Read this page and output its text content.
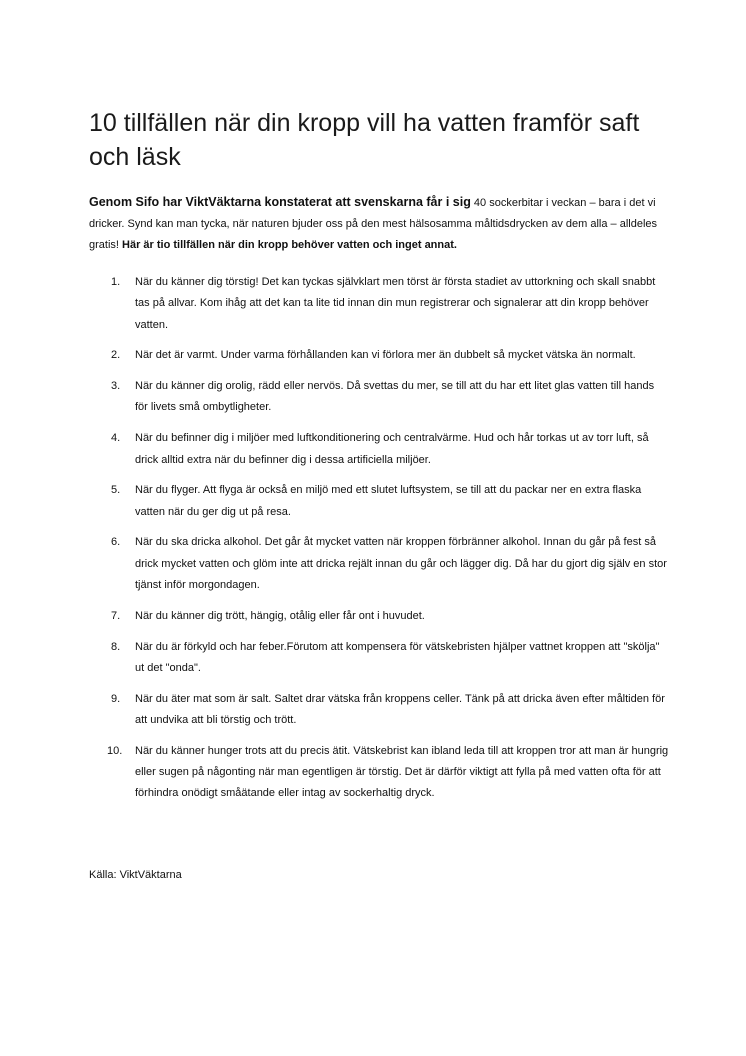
10 tillfällen när din kropp vill ha vatten framför saft och läsk

Genom Sifo har ViktVäktarna konstaterat att svenskarna får i sig 40 sockerbitar i veckan – bara i det vi dricker. Synd kan man tycka, när naturen bjuder oss på den mest hälsosamma måltidsdrycken av dem alla – alldeles gratis! Här är tio tillfällen när din kropp behöver vatten och inget annat.

1. När du känner dig törstig! Det kan tyckas självklart men törst är första stadiet av uttorkning och skall snabbt tas på allvar. Kom ihåg att det kan ta lite tid innan din mun registrerar och signalerar att din kropp behöver vatten.
2. När det är varmt. Under varma förhållanden kan vi förlora mer än dubbelt så mycket vätska än normalt.
3. När du känner dig orolig, rädd eller nervös. Då svettas du mer, se till att du har ett litet glas vatten till hands för livets små ombytligheter.
4. När du befinner dig i miljöer med luftkonditionering och centralvärme. Hud och hår torkas ut av torr luft, så drick alltid extra när du befinner dig i dessa artificiella miljöer.
5. När du flyger. Att flyga är också en miljö med ett slutet luftsystem, se till att du packar ner en extra flaska vatten när du ger dig ut på resa.
6. När du ska dricka alkohol. Det går åt mycket vatten när kroppen förbränner alkohol. Innan du går på fest så drick mycket vatten och glöm inte att dricka rejält innan du går och lägger dig. Då har du gjort dig själv en stor tjänst inför morgondagen.
7. När du känner dig trött, hängig, otålig eller får ont i huvudet.
8. När du är förkyld och har feber.Förutom att kompensera för vätskebristen hjälper vattnet kroppen att "skölja" ut det "onda".
9. När du äter mat som är salt. Saltet drar vätska från kroppens celler. Tänk på att dricka även efter måltiden för att undvika att bli törstig och trött.
10. När du känner hunger trots att du precis ätit. Vätskebrist kan ibland leda till att kroppen tror att man är hungrig eller sugen på någonting när man egentligen är törstig. Det är därför viktigt att fylla på med vatten ofta för att förhindra onödigt småätande eller intag av sockerhaltig dryck.

Källa: ViktVäktarna
